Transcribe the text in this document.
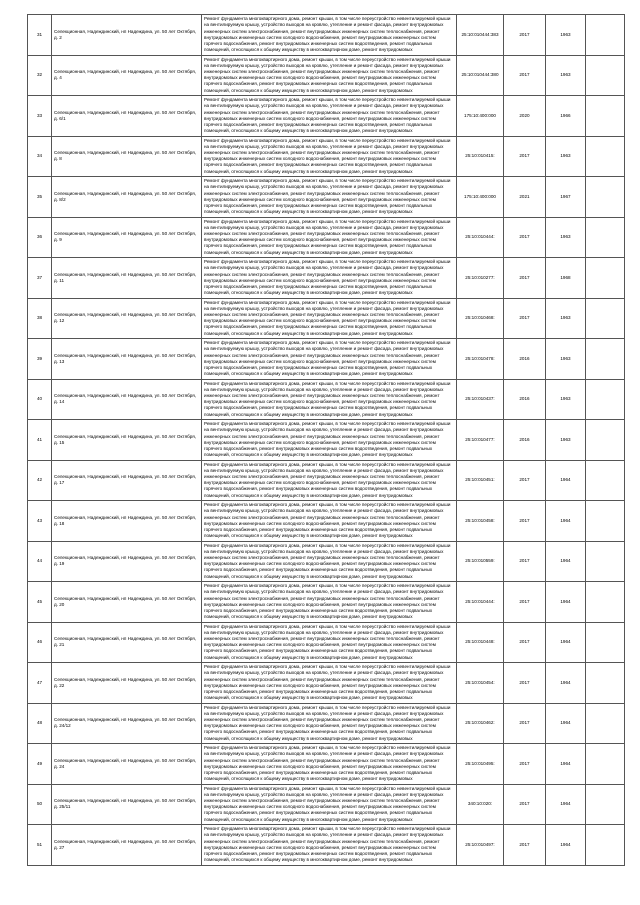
31	Селекционная, Надеждинский, нп Надеждина, ул. 50 лет Октября, д. 2	Ремонт фундамента многоквартирного дома, ремонт крыши, в том числе переустройство невентилируемой крыши на вентилируемую крышу, устройство выходов на кровлю, утепление и ремонт фасада, ремонт внутридомовых инженерных систем электроснабжения, ремонт внутридомовых инженерных систем теплоснабжения, ремонт внутридомовых инженерных систем холодного водоснабжения, ремонт внутридомовых инженерных систем горячего водоснабжения, ремонт внутридомовых инженерных систем водоотведения, ремонт подвальных помещений, относящихся к общему имуществу в многоквартирном доме, ремонт внутридомовых	25:10:010444:383	2017	1963	
32	Селекционная, Надеждинский, нп Надеждина, ул. 50 лет Октября, д. 4	Ремонт фундамента многоквартирного дома, ремонт крыши, в том числе переустройство невентилируемой крыши на вентилируемую крышу, устройство выходов на кровлю, утепление и ремонт фасада, ремонт внутридомовых инженерных систем электроснабжения, ремонт внутридомовых инженерных систем теплоснабжения, ремонт внутридомовых инженерных систем холодного водоснабжения, ремонт внутридомовых инженерных систем горячего водоснабжения, ремонт внутридомовых инженерных систем водоотведения, ремонт подвальных помещений, относящихся к общему имуществу в многоквартирном доме, ремонт внутридомовых	25:10:010444:380	2017	1963	
33	Селекционная, Надеждинский, нп Надеждина, ул. 50 лет Октября, д. 6/1	Ремонт фундамента многоквартирного дома, ремонт крыши, в том числе переустройство невентилируемой крыши на вентилируемую крышу, устройство выходов на кровлю, утепление и ремонт фасада, ремонт внутридомовых инженерных систем электроснабжения, ремонт внутридомовых инженерных систем теплоснабжения, ремонт внутридомовых инженерных систем холодного водоснабжения, ремонт внутридомовых инженерных систем горячего водоснабжения, ремонт внутридомовых инженерных систем водоотведения, ремонт подвальных помещений, относящихся к общему имуществу в многоквартирном доме, ремонт внутридомовых	175:10:400:000	2020	1966	
34	Селекционная, Надеждинский, нп Надеждина, ул. 50 лет Октября, д. 8	Ремонт фундамента многоквартирного дома, ремонт крыши, в том числе переустройство невентилируемой крыши на вентилируемую крышу, устройство выходов на кровлю, утепление и ремонт фасада, ремонт внутридомовых инженерных систем электроснабжения, ремонт внутридомовых инженерных систем теплоснабжения, ремонт внутридомовых инженерных систем холодного водоснабжения, ремонт внутридомовых инженерных систем горячего водоснабжения, ремонт внутридомовых инженерных систем водоотведения, ремонт подвальных помещений, относящихся к общему имуществу в многоквартирном доме, ремонт внутридомовых	25:10:010415:	2017	1963	
35	Селекционная, Надеждинский, нп Надеждина, ул. 50 лет Октября, д. 8/2	Ремонт фундамента многоквартирного дома, ремонт крыши, в том числе переустройство невентилируемой крыши на вентилируемую крышу, устройство выходов на кровлю, утепление и ремонт фасада, ремонт внутридомовых инженерных систем электроснабжения, ремонт внутридомовых инженерных систем теплоснабжения, ремонт внутридомовых инженерных систем холодного водоснабжения, ремонт внутридомовых инженерных систем горячего водоснабжения, ремонт внутридомовых инженерных систем водоотведения, ремонт подвальных помещений, относящихся к общему имуществу в многоквартирном доме, ремонт внутридомовых	175:10:400:000	2021	1967	
36	Селекционная, Надеждинский, нп Надеждина, ул. 50 лет Октября, д. 9	Ремонт фундамента многоквартирного дома, ремонт крыши, в том числе переустройство невентилируемой крыши на вентилируемую крышу, устройство выходов на кровлю, утепление и ремонт фасада, ремонт внутридомовых инженерных систем электроснабжения, ремонт внутридомовых инженерных систем теплоснабжения, ремонт внутридомовых инженерных систем холодного водоснабжения, ремонт внутридомовых инженерных систем горячего водоснабжения, ремонт внутридомовых инженерных систем водоотведения, ремонт подвальных помещений, относящихся к общему имуществу в многоквартирном доме, ремонт внутридомовых	25:10:010444:	2017	1963	
37	Селекционная, Надеждинский, нп Надеждина, ул. 50 лет Октября, д. 11	Ремонт фундамента многоквартирного дома, ремонт крыши, в том числе переустройство невентилируемой крыши на вентилируемую крышу, устройство выходов на кровлю, утепление и ремонт фасада, ремонт внутридомовых инженерных систем электроснабжения, ремонт внутридомовых инженерных систем теплоснабжения, ремонт внутридомовых инженерных систем холодного водоснабжения, ремонт внутридомовых инженерных систем горячего водоснабжения, ремонт внутридомовых инженерных систем водоотведения, ремонт подвальных помещений, относящихся к общему имуществу в многоквартирном доме, ремонт внутридомовых	25:10:010277:	2017	1968	
38	Селекционная, Надеждинский, нп Надеждина, ул. 50 лет Октября, д. 12	Ремонт фундамента многоквартирного дома, ремонт крыши, в том числе переустройство невентилируемой крыши на вентилируемую крышу, устройство выходов на кровлю, утепление и ремонт фасада, ремонт внутридомовых инженерных систем электроснабжения, ремонт внутридомовых инженерных систем теплоснабжения, ремонт внутридомовых инженерных систем холодного водоснабжения, ремонт внутридомовых инженерных систем горячего водоснабжения, ремонт внутридомовых инженерных систем водоотведения, ремонт подвальных помещений, относящихся к общему имуществу в многоквартирном доме, ремонт внутридомовых	25:10:010468:	2017	1963	
39	Селекционная, Надеждинский, нп Надеждина, ул. 50 лет Октября, д. 13	Ремонт фундамента многоквартирного дома, ремонт крыши, в том числе переустройство невентилируемой крыши на вентилируемую крышу, устройство выходов на кровлю, утепление и ремонт фасада, ремонт внутридомовых инженерных систем электроснабжения, ремонт внутридомовых инженерных систем теплоснабжения, ремонт внутридомовых инженерных систем холодного водоснабжения, ремонт внутридомовых инженерных систем горячего водоснабжения, ремонт внутридомовых инженерных систем водоотведения, ремонт подвальных помещений, относящихся к общему имуществу в многоквартирном доме, ремонт внутридомовых	25:10:010478:	2016	1963	
40	Селекционная, Надеждинский, нп Надеждина, ул. 50 лет Октября, д. 14	Ремонт фундамента многоквартирного дома, ремонт крыши, в том числе переустройство невентилируемой крыши на вентилируемую крышу, устройство выходов на кровлю, утепление и ремонт фасада, ремонт внутридомовых инженерных систем электроснабжения, ремонт внутридомовых инженерных систем теплоснабжения, ремонт внутридомовых инженерных систем холодного водоснабжения, ремонт внутридомовых инженерных систем горячего водоснабжения, ремонт внутридомовых инженерных систем водоотведения, ремонт подвальных помещений, относящихся к общему имуществу в многоквартирном доме, ремонт внутридомовых	25:10:010437:	2016	1963	
41	Селекционная, Надеждинский, нп Надеждина, ул. 50 лет Октября, д. 15	Ремонт фундамента многоквартирного дома, ремонт крыши, в том числе переустройство невентилируемой крыши на вентилируемую крышу, устройство выходов на кровлю, утепление и ремонт фасада, ремонт внутридомовых инженерных систем электроснабжения, ремонт внутридомовых инженерных систем теплоснабжения, ремонт внутридомовых инженерных систем холодного водоснабжения, ремонт внутридомовых инженерных систем горячего водоснабжения, ремонт внутридомовых инженерных систем водоотведения, ремонт подвальных помещений, относящихся к общему имуществу в многоквартирном доме, ремонт внутридомовых	25:10:010477:	2016	1963	
42	Селекционная, Надеждинский, нп Надеждина, ул. 50 лет Октября, д. 17	Ремонт фундамента многоквартирного дома, ремонт крыши, в том числе переустройство невентилируемой крыши на вентилируемую крышу, устройство выходов на кровлю, утепление и ремонт фасада, ремонт внутридомовых инженерных систем электроснабжения, ремонт внутридомовых инженерных систем теплоснабжения, ремонт внутридомовых инженерных систем холодного водоснабжения, ремонт внутридомовых инженерных систем горячего водоснабжения, ремонт внутридомовых инженерных систем водоотведения, ремонт подвальных помещений, относящихся к общему имуществу в многоквартирном доме, ремонт внутридомовых	25:10:010451:	2017	1964	
43	Селекционная, Надеждинский, нп Надеждина, ул. 50 лет Октября, д. 18	Ремонт фундамента многоквартирного дома, ремонт крыши, в том числе переустройство невентилируемой крыши на вентилируемую крышу, устройство выходов на кровлю, утепление и ремонт фасада, ремонт внутридомовых инженерных систем электроснабжения, ремонт внутридомовых инженерных систем теплоснабжения, ремонт внутридомовых инженерных систем холодного водоснабжения, ремонт внутридомовых инженерных систем горячего водоснабжения, ремонт внутридомовых инженерных систем водоотведения, ремонт подвальных помещений, относящихся к общему имуществу в многоквартирном доме, ремонт внутридомовых	25:10:010458:	2017	1964	
44	Селекционная, Надеждинский, нп Надеждина, ул. 50 лет Октября, д. 19	Ремонт фундамента многоквартирного дома, ремонт крыши, в том числе переустройство невентилируемой крыши на вентилируемую крышу, устройство выходов на кровлю, утепление и ремонт фасада, ремонт внутридомовых инженерных систем электроснабжения, ремонт внутридомовых инженерных систем теплоснабжения, ремонт внутридомовых инженерных систем холодного водоснабжения, ремонт внутридомовых инженерных систем горячего водоснабжения, ремонт внутридомовых инженерных систем водоотведения, ремонт подвальных помещений, относящихся к общему имуществу в многоквартирном доме, ремонт внутридомовых	25:10:010559:	2017	1964	
45	Селекционная, Надеждинский, нп Надеждина, ул. 50 лет Октября, д. 20	Ремонт фундамента многоквартирного дома, ремонт крыши, в том числе переустройство невентилируемой крыши на вентилируемую крышу, устройство выходов на кровлю, утепление и ремонт фасада, ремонт внутридомовых инженерных систем электроснабжения, ремонт внутридомовых инженерных систем теплоснабжения, ремонт внутридомовых инженерных систем холодного водоснабжения, ремонт внутридомовых инженерных систем горячего водоснабжения, ремонт внутридомовых инженерных систем водоотведения, ремонт подвальных помещений, относящихся к общему имуществу в многоквартирном доме, ремонт внутридомовых	25:10:010444:	2017	1964	
46	Селекционная, Надеждинский, нп Надеждина, ул. 50 лет Октября, д. 21	Ремонт фундамента многоквартирного дома, ремонт крыши, в том числе переустройство невентилируемой крыши на вентилируемую крышу, устройство выходов на кровлю, утепление и ремонт фасада, ремонт внутридомовых инженерных систем электроснабжения, ремонт внутридомовых инженерных систем теплоснабжения, ремонт внутридомовых инженерных систем холодного водоснабжения, ремонт внутридомовых инженерных систем горячего водоснабжения, ремонт внутридомовых инженерных систем водоотведения, ремонт подвальных помещений, относящихся к общему имуществу в многоквартирном доме, ремонт внутридомовых	25:10:010448:	2017	1964	
47	Селекционная, Надеждинский, нп Надеждина, ул. 50 лет Октября, д. 22	Ремонт фундамента многоквартирного дома, ремонт крыши, в том числе переустройство невентилируемой крыши на вентилируемую крышу, устройство выходов на кровлю, утепление и ремонт фасада, ремонт внутридомовых инженерных систем электроснабжения, ремонт внутридомовых инженерных систем теплоснабжения, ремонт внутридомовых инженерных систем холодного водоснабжения, ремонт внутридомовых инженерных систем горячего водоснабжения, ремонт внутридомовых инженерных систем водоотведения, ремонт подвальных помещений, относящихся к общему имуществу в многоквартирном доме, ремонт внутридомовых	25:10:010454:	2017	1964	
48	Селекционная, Надеждинский, нп Надеждина, ул. 50 лет Октября, д. 24/12	Ремонт фундамента многоквартирного дома, ремонт крыши, в том числе переустройство невентилируемой крыши на вентилируемую крышу, устройство выходов на кровлю, утепление и ремонт фасада, ремонт внутридомовых инженерных систем электроснабжения, ремонт внутридомовых инженерных систем теплоснабжения, ремонт внутридомовых инженерных систем холодного водоснабжения, ремонт внутридомовых инженерных систем горячего водоснабжения, ремонт внутридомовых инженерных систем водоотведения, ремонт подвальных помещений, относящихся к общему имуществу в многоквартирном доме, ремонт внутридомовых	25:10:010462:	2017	1964	
49	Селекционная, Надеждинский, нп Надеждина, ул. 50 лет Октября, д. 24	Ремонт фундамента многоквартирного дома, ремонт крыши, в том числе переустройство невентилируемой крыши на вентилируемую крышу, устройство выходов на кровлю, утепление и ремонт фасада, ремонт внутридомовых инженерных систем электроснабжения, ремонт внутридомовых инженерных систем теплоснабжения, ремонт внутридомовых инженерных систем холодного водоснабжения, ремонт внутридомовых инженерных систем горячего водоснабжения, ремонт внутридомовых инженерных систем водоотведения, ремонт подвальных помещений, относящихся к общему имуществу в многоквартирном доме, ремонт внутридомовых	25:10:010495:	2017	1964	
50	Селекционная, Надеждинский, нп Надеждина, ул. 50 лет Октября, д. 25/11	Ремонт фундамента многоквартирного дома, ремонт крыши, в том числе переустройство невентилируемой крыши на вентилируемую крышу, устройство выходов на кровлю, утепление и ремонт фасада, ремонт внутридомовых инженерных систем электроснабжения, ремонт внутридомовых инженерных систем теплоснабжения, ремонт внутридомовых инженерных систем холодного водоснабжения, ремонт внутридомовых инженерных систем горячего водоснабжения, ремонт внутридомовых инженерных систем водоотведения, ремонт подвальных помещений, относящихся к общему имуществу в многоквартирном доме, ремонт внутридомовых	340:10:020:	2017	1964	
51	Селекционная, Надеждинский, нп Надеждина, ул. 50 лет Октября, д. 27	Ремонт фундамента многоквартирного дома, ремонт крыши, в том числе переустройство невентилируемой крыши на вентилируемую крышу, устройство выходов на кровлю, утепление и ремонт фасада, ремонт внутридомовых инженерных систем электроснабжения, ремонт внутридомовых инженерных систем теплоснабжения, ремонт внутридомовых инженерных систем холодного водоснабжения, ремонт внутридомовых инженерных систем горячего водоснабжения, ремонт внутридомовых инженерных систем водоотведения, ремонт подвальных помещений, относящихся к общему имуществу в многоквартирном доме, ремонт внутридомовых	25:10:010497:	2017	1964	
